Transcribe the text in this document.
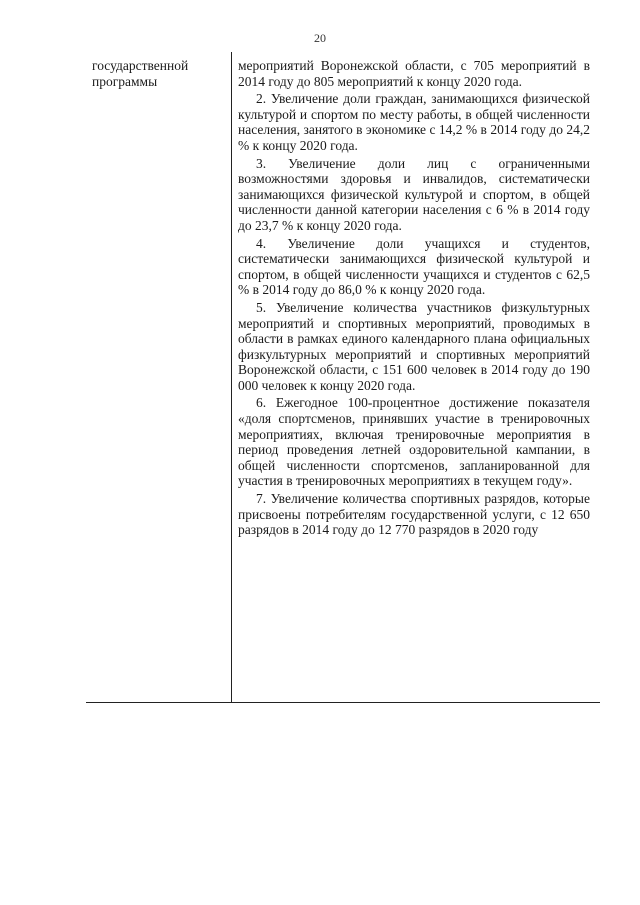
20
государственной программы

мероприятий Воронежской области, с 705 мероприятий в 2014 году до 805 мероприятий к концу 2020 года.

2. Увеличение доли граждан, занимающихся физической культурой и спортом по месту работы, в общей численности населения, занятого в экономике с 14,2 % в 2014 году до 24,2 % к концу 2020 года.

3. Увеличение доли лиц с ограниченными возможностями здоровья и инвалидов, систематически занимающихся физической культурой и спортом, в общей численности данной категории населения с 6 % в 2014 году до 23,7 % к концу 2020 года.

4. Увеличение доли учащихся и студентов, систематически занимающихся физической культурой и спортом, в общей численности учащихся и студентов с 62,5 % в 2014 году до 86,0 % к концу 2020 года.

5. Увеличение количества участников физкультурных мероприятий и спортивных мероприятий, проводимых в области в рамках единого календарного плана официальных физкультурных мероприятий и спортивных мероприятий Воронежской области, с 151 600 человек в 2014 году до 190 000 человек к концу 2020 года.

6. Ежегодное 100-процентное достижение показателя «доля спортсменов, принявших участие в тренировочных мероприятиях, включая тренировочные мероприятия в период проведения летней оздоровительной кампании, в общей численности спортсменов, запланированной для участия в тренировочных мероприятиях в текущем году».

7. Увеличение количества спортивных разрядов, которые присвоены потребителям государственной услуги, с 12 650 разрядов в 2014 году до 12 770 разрядов в 2020 году
